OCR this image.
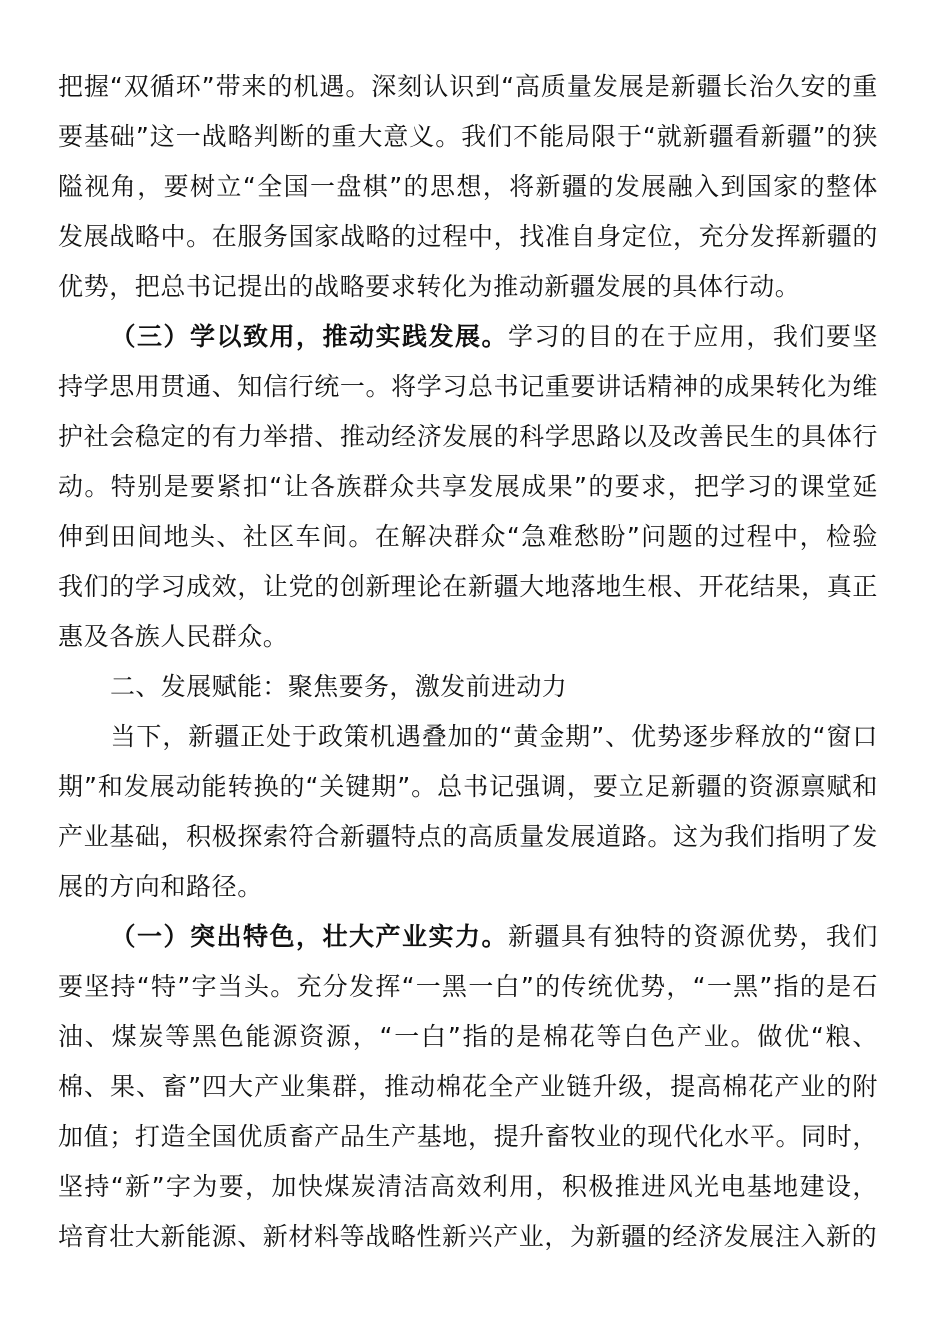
把握“双循环”带来的机遇。深刻认识到“高质量发展是新疆长治久安的重要基础”这一战略判断的重大意义。我们不能局限于“就新疆看新疆”的狭隘视角，要树立“全国一盘棋”的思想，将新疆的发展融入到国家的整体发展战略中。在服务国家战略的过程中，找准自身定位，充分发挥新疆的优势，把总书记提出的战略要求转化为推动新疆发展的具体行动。

（三）学以致用，推动实践发展。学习的目的在于应用，我们要坚持学思用贯通、知信行统一。将学习总书记重要讲话精神的成果转化为维护社会稳定的有力举措、推动经济发展的科学思路以及改善民生的具体行动。特别是要紧扣“让各族群众共享发展成果”的要求，把学习的课堂延伸到田间地头、社区车间。在解决群众“急难愁盼”问题的过程中，检验我们的学习成效，让党的创新理论在新疆大地落地生根、开花结果，真正惠及各族人民群众。

二、发展赋能：聚焦要务，激发前进动力

当下，新疆正处于政策机遇叠加的“黄金期”、优势逐步释放的“窗口期”和发展动能转换的“关键期”。总书记强调，要立足新疆的资源禀赋和产业基础，积极探索符合新疆特点的高质量发展道路。这为我们指明了发展的方向和路径。

（一）突出特色，壮大产业实力。新疆具有独特的资源优势，我们要坚持“特”字当头。充分发挥“一黑一白”的传统优势，“一黑”指的是石油、煤炭等黑色能源资源，“一白”指的是棉花等白色产业。做优“粮、棉、果、畜”四大产业集群，推动棉花全产业链升级，提高棉花产业的附加值；打造全国优质畜产品生产基地，提升畜牧业的现代化水平。同时，坚持“新”字为要，加快煤炭清洁高效利用，积极推进风光电基地建设，培育壮大新能源、新材料等战略性新兴产业，为新疆的经济发展注入新的
